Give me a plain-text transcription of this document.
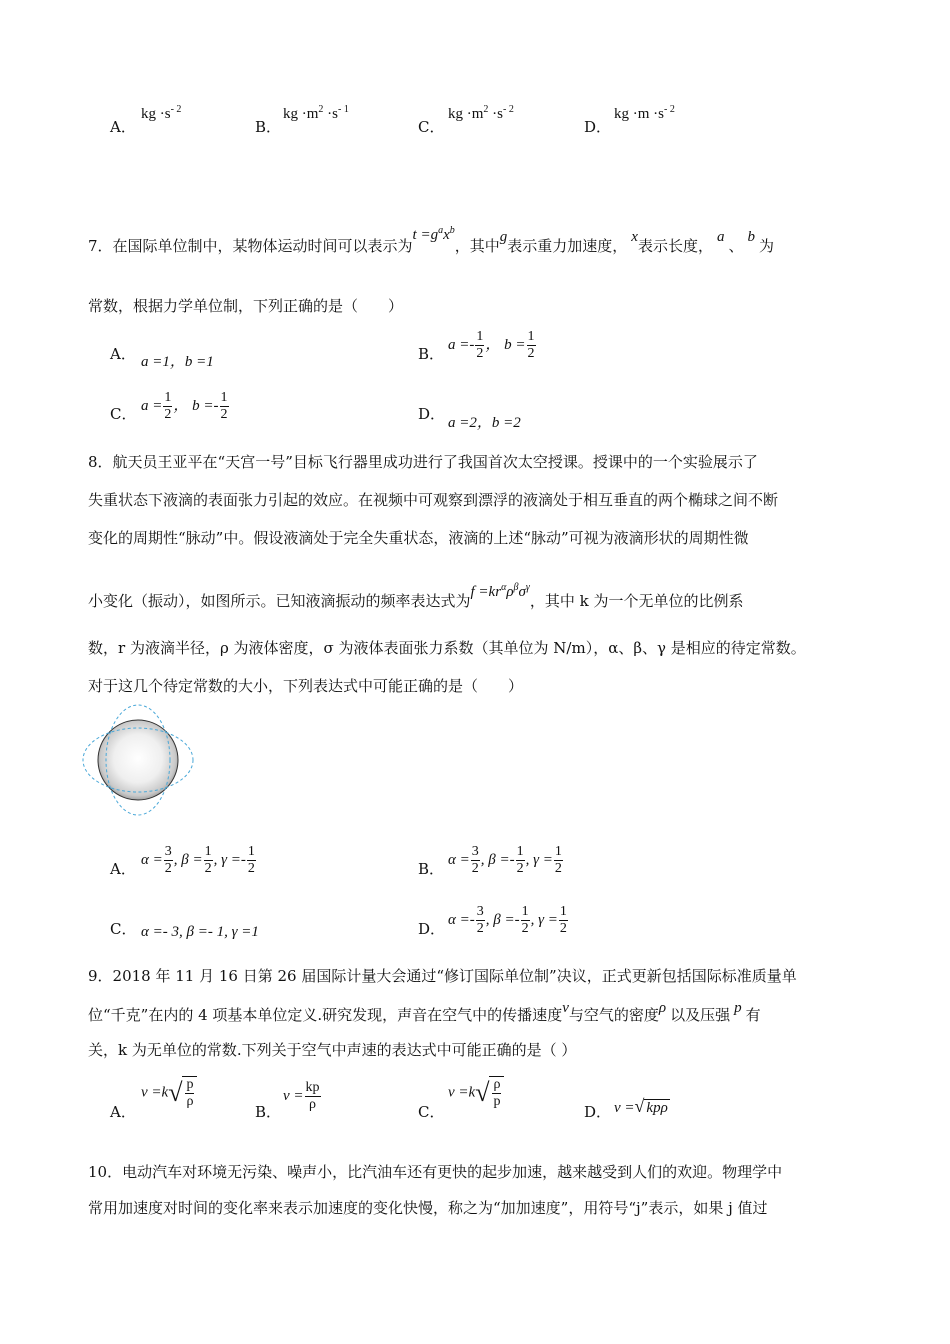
A．
kg $\cdot s^{- 2}$
B．
kg $\cdot m^2 \cdot s^{- 1}$
C．
kg $\cdot m^2 \cdot s^{- 2}$
D．
kg $\cdot m \cdot s^{- 2}$
7．在国际单位制中，某物体运动时间可以表示为$t =g^ax^b$，其中g表示重力加速度， x表示长度， a 、 b 为
常数，根据力学单位制，下列正确的是（　　）
A． a =1，b =1	B．
$a =- \frac{1}{2}$ ， $b = \frac{1}{2}$
C． $a = \frac{1}{2}$ ， $b =- \frac{1}{2}$	D． a =2，b =2
8．航天员王亚平在“天宫一号”目标飞行器里成功进行了我国首次太空授课。授课中的一个实验展示了
失重状态下液滴的表面张力引起的效应。在视频中可观察到漂浮的液滴处于相互垂直的两个椭球之间不断
变化的周期性“脉动”中。假设液滴处于完全失重状态，液滴的上述“脉动”可视为液滴形状的周期性微
小变化（振动），如图所示。已知液滴振动的频率表达式为$f =kr^\alpha\rho^\beta\sigma^\gamma$，其中 k 为一个无单位的比例系
数，r 为液滴半径，ρ 为液体密度，σ 为液体表面张力系数（其单位为 N/m），α、β、γ 是相应的待定常数。
对于这几个待定常数的大小，下列表达式中可能正确的是（　　）
A．
$\alpha = \frac{3}{2}$ , $\beta = \frac{1}{2}$ , $\gamma =- \frac{1}{2}$	B．
$\alpha = \frac{3}{2}$ , $\beta =- \frac{1}{2}$ , $\gamma = \frac{1}{2}$
C． α =- 3, β =- 1, γ =1	D．
$\alpha =- \frac{3}{2}$ , $\beta =- \frac{1}{2}$ , $\gamma = \frac{1}{2}$
9．2018 年 11 月 16 日第 26 届国际计量大会通过“修订国际单位制”决议，正式更新包括国际标准质量单
位“千克”在内的 4 项基本单位定义.研究发现，声音在空气中的传播速度v与空气的密度ρ 以及压强 p 有
关，k 为无单位的常数.下列关于空气中声速的表达式中可能正确的是（ ）
A．
$v =k√ \frac{p}{\rho}$
B．
$v = \frac{kp}{\rho}$	C．
$v =k√ \frac{\rho}{p}$
D． v =√ kpρ
10．电动汽车对环境无污染、噪声小，比汽油车还有更快的起步加速，越来越受到人们的欢迎。物理学中
常用加速度对时间的变化率来表示加速度的变化快慢，称之为“加加速度”，用符号“j”表示，如果 j 值过
